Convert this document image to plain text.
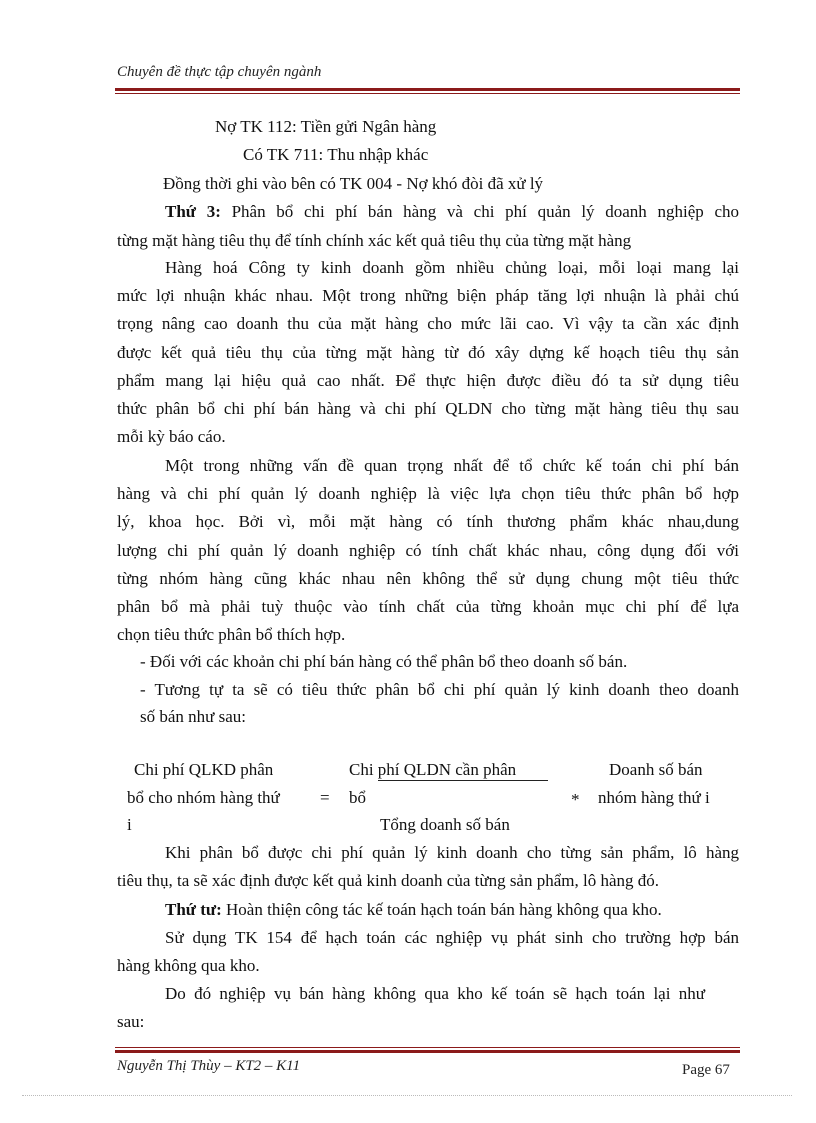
Chuyên đề thực tập chuyên ngành
Nợ TK 112: Tiền gửi Ngân hàng
Có TK 711: Thu nhập khác
Đồng thời ghi vào bên có TK 004 - Nợ khó đòi đã xử lý
Thứ 3: Phân bổ chi phí bán hàng và chi phí quản lý doanh nghiệp cho
từng mặt hàng tiêu thụ để tính chính xác kết quả tiêu thụ của từng mặt hàng
Hàng hoá Công ty kinh doanh gồm nhiều chủng loại, mỗi loại mang lại
mức lợi nhuận khác nhau. Một trong những biện pháp tăng lợi nhuận là phải chú
trọng nâng cao doanh thu của mặt hàng cho mức lãi cao. Vì vậy ta cần xác định
được kết quả tiêu thụ của từng mặt hàng từ đó xây dựng kế hoạch tiêu thụ sản
phẩm mang lại hiệu quả cao nhất. Để thực hiện được điều đó ta sử dụng tiêu
thức phân bổ chi phí bán hàng và chi phí QLDN cho từng mặt hàng tiêu thụ sau
mỗi kỳ báo cáo.
Một trong những vấn đề quan trọng nhất để tổ chức kế toán chi phí bán
hàng và chi phí quản lý doanh nghiệp là việc lựa chọn tiêu thức phân bổ hợp
lý, khoa học. Bởi vì, mỗi mặt hàng có tính thương phẩm khác nhau,dung
lượng chi phí quản lý doanh nghiệp có tính chất khác nhau, công dụng đối với
từng nhóm hàng cũng khác nhau nên không thể sử dụng chung một tiêu thức
phân bổ mà phải tuỳ thuộc vào tính chất của từng khoản mục chi phí để lựa
chọn tiêu thức phân bổ thích hợp.
- Đối với các khoản chi phí bán hàng có thể phân bổ theo doanh số bán.
- Tương tự ta sẽ có tiêu thức phân bổ chi phí quản lý kinh doanh theo doanh
số bán như sau:
Chi phí QLKD phân
bổ cho nhóm hàng thứ
i
=
Chi phí QLDN cần phân
bổ
Tổng doanh số bán
*
Doanh số bán
nhóm hàng thứ i
Khi phân bổ được chi phí quản lý kinh doanh cho từng sản phẩm, lô hàng
tiêu thụ, ta sẽ xác định được kết quả kinh doanh của từng sản phẩm, lô hàng đó.
Thứ tư: Hoàn thiện công tác kế toán hạch toán bán hàng không qua kho.
Sử dụng TK 154 để hạch toán các nghiệp vụ phát sinh cho trường hợp bán
hàng không qua kho.
Do đó nghiệp vụ bán hàng không qua kho kế toán sẽ hạch toán lại như
sau:
Nguyễn Thị Thùy – KT2 – K11	Page 67
